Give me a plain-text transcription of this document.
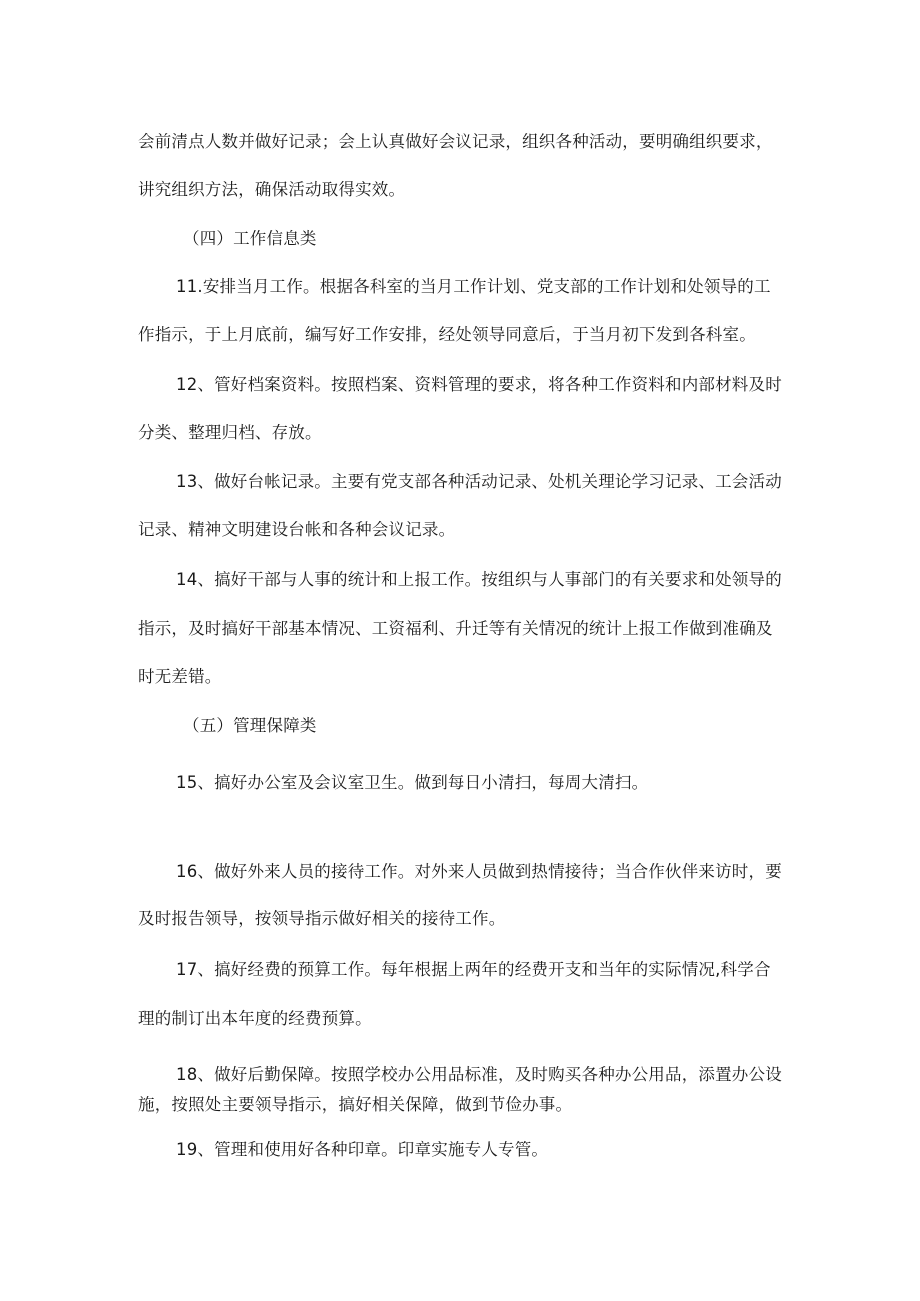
会前清点人数并做好记录；会上认真做好会议记录，组织各种活动，要明确组织要求，
讲究组织方法，确保活动取得实效。
（四）工作信息类
11.安排当月工作。根据各科室的当月工作计划、党支部的工作计划和处领导的工
作指示，于上月底前，编写好工作安排，经处领导同意后，于当月初下发到各科室。
12、管好档案资料。按照档案、资料管理的要求，将各种工作资料和内部材料及时
分类、整理归档、存放。
13、做好台帐记录。主要有党支部各种活动记录、处机关理论学习记录、工会活动
记录、精神文明建设台帐和各种会议记录。
14、搞好干部与人事的统计和上报工作。按组织与人事部门的有关要求和处领导的
指示，及时搞好干部基本情况、工资福利、升迁等有关情况的统计上报工作做到准确及
时无差错。
（五）管理保障类
15、搞好办公室及会议室卫生。做到每日小清扫，每周大清扫。
16、做好外来人员的接待工作。对外来人员做到热情接待；当合作伙伴来访时，要
及时报告领导，按领导指示做好相关的接待工作。
17、搞好经费的预算工作。每年根据上两年的经费开支和当年的实际情况,科学合
理的制订出本年度的经费预算。
18、做好后勤保障。按照学校办公用品标准，及时购买各种办公用品，添置办公设
施，按照处主要领导指示，搞好相关保障，做到节俭办事。
19、管理和使用好各种印章。印章实施专人专管。
